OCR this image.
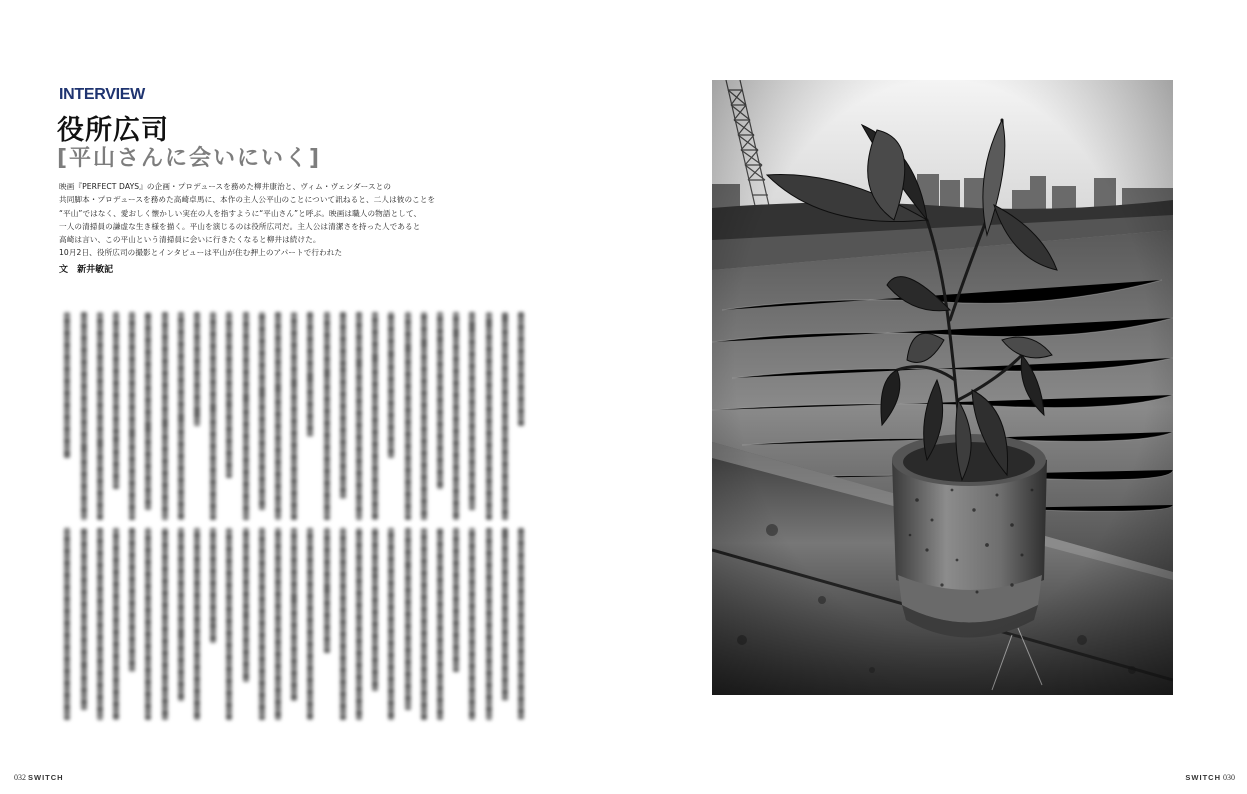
INTERVIEW
役所広司
[平山さんに会いにいく]
映画『PERFECT DAYS』の企画・プロデュースを務めた柳井康治と、ヴィム・ヴェンダースとの
共同脚本・プロデュースを務めた高崎卓馬に、本作の主人公平山のことについて訊ねると、二人は彼のことを
“平山”ではなく、愛おしく懐かしい実在の人を指すように“平山さん”と呼ぶ。映画は職人の物語として、
一人の清掃員の謙虚な生き様を描く。平山を演じるのは役所広司だ。主人公は清潔さを持った人であると
高崎は言い、この平山という清掃員に会いに行きたくなると柳井は続けた。
10月2日、役所広司の撮影とインタビューは平山が住む押上のアパートで行われた
文 新井敏記
032 SWITCH	SWITCH 030
